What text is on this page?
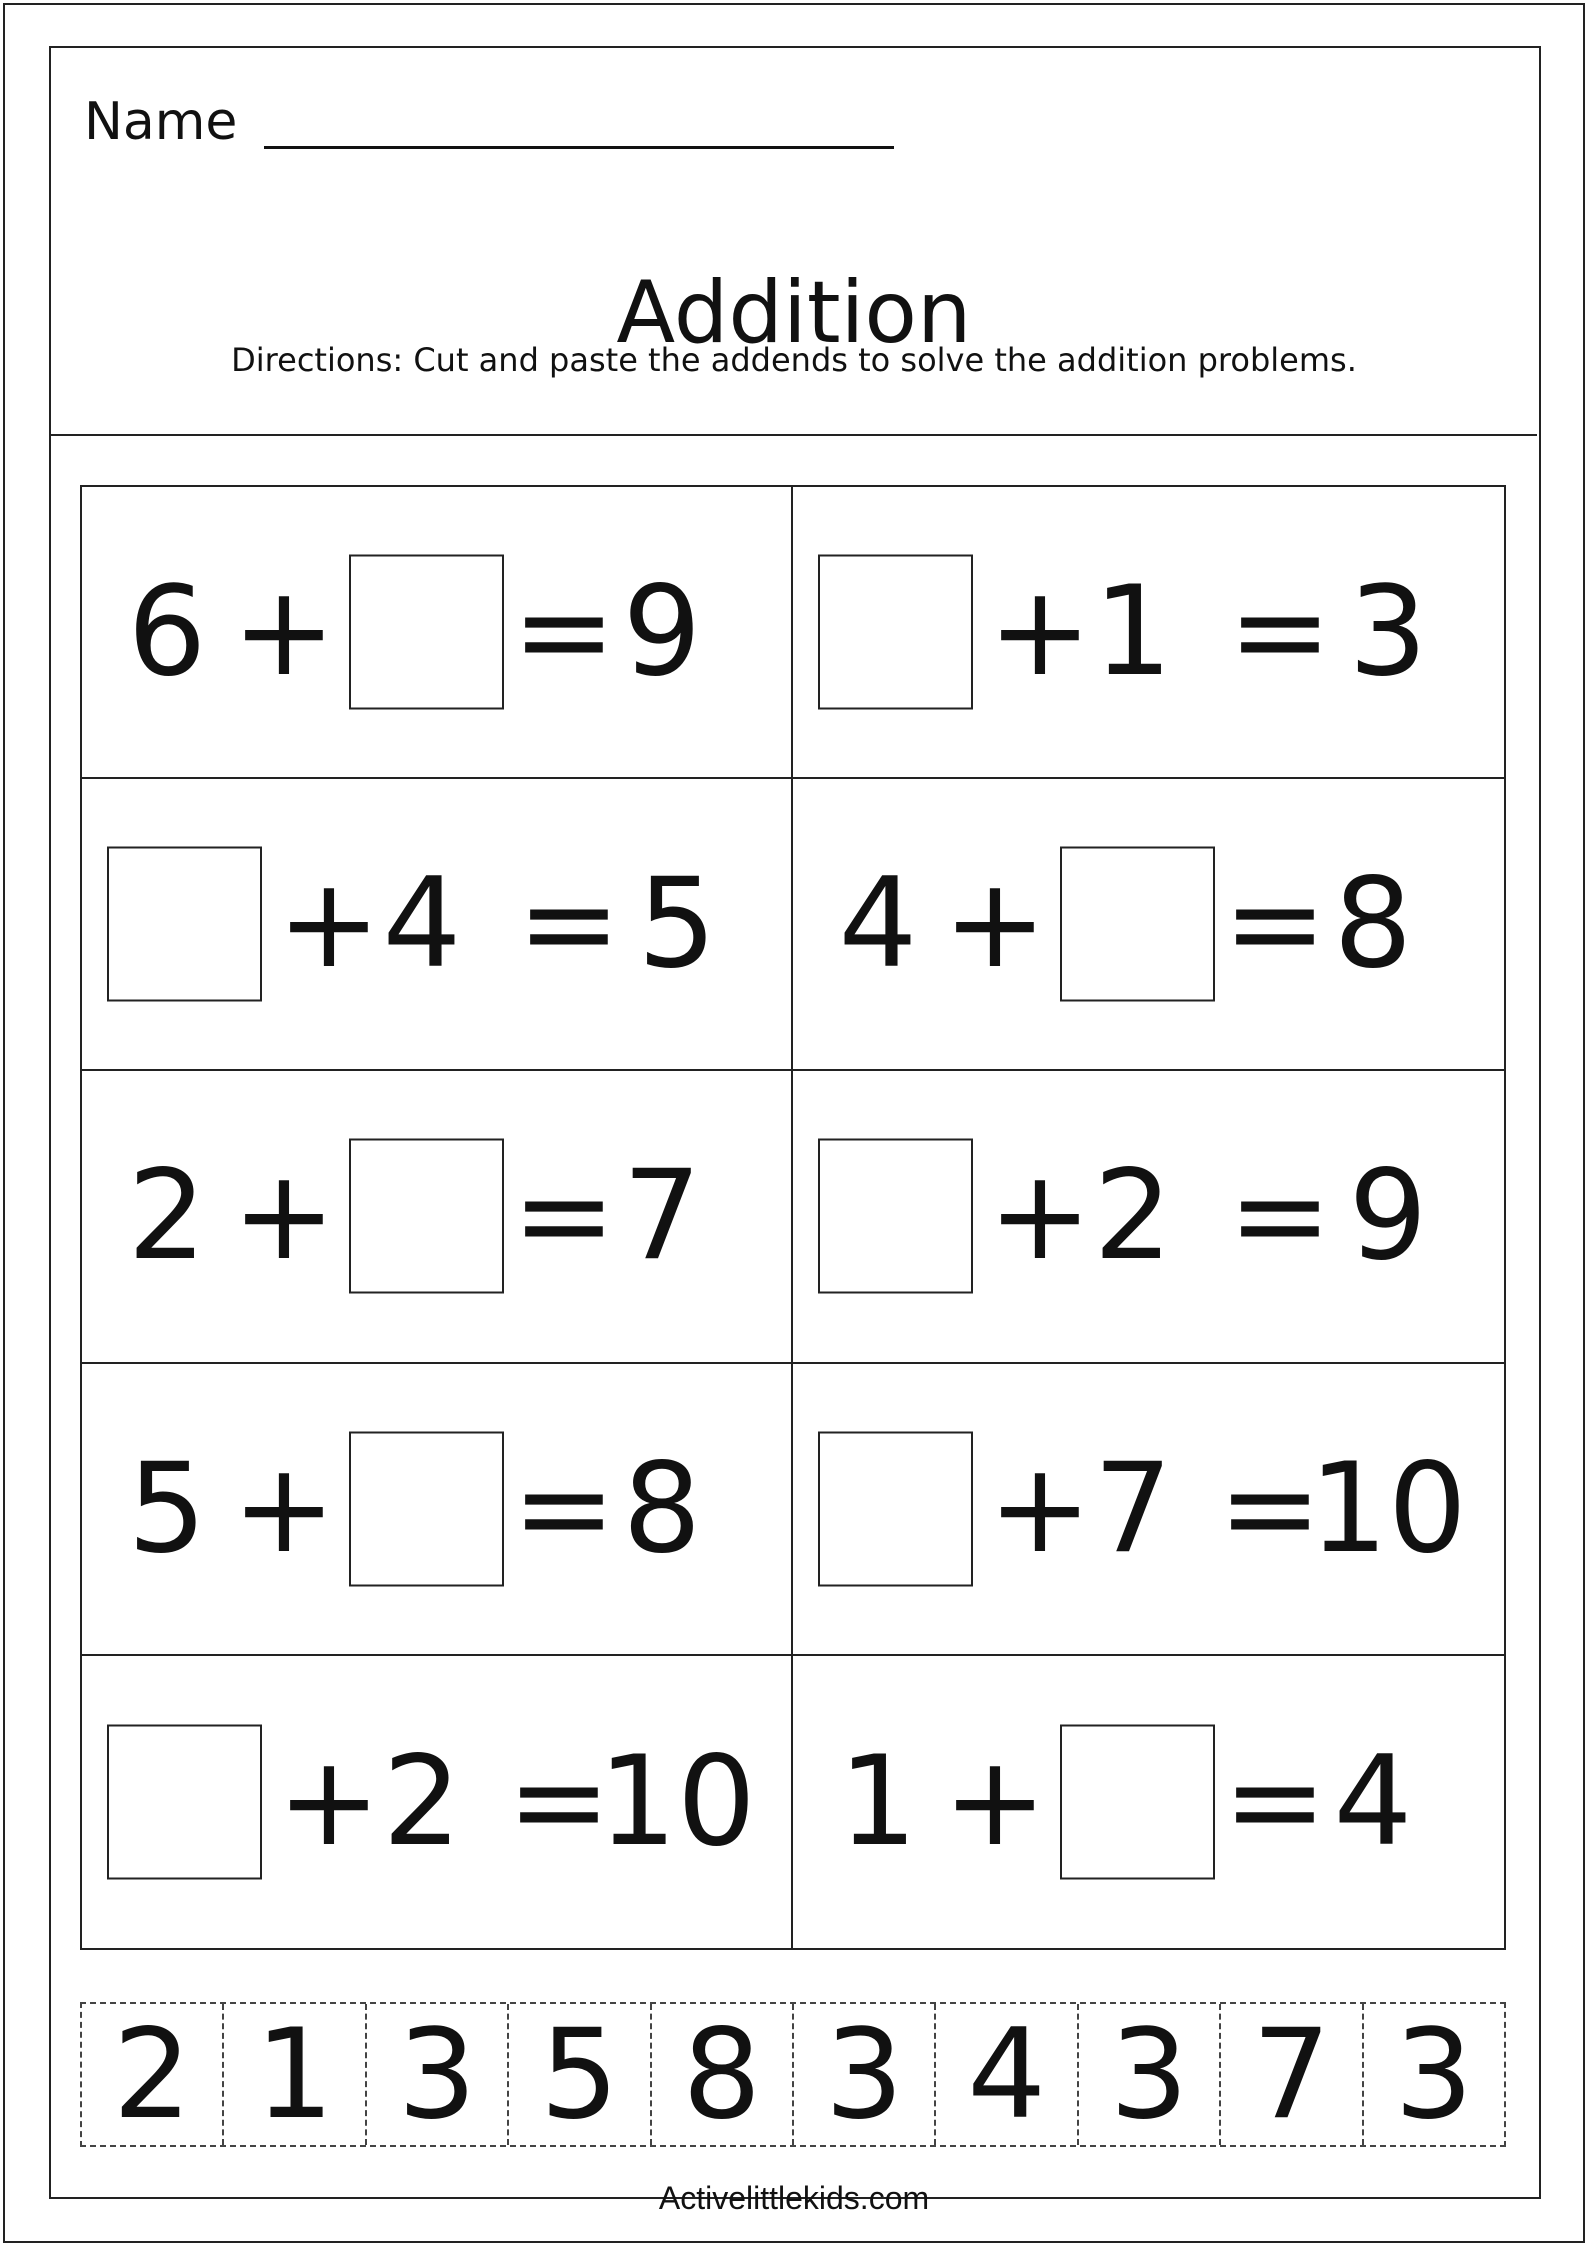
Name
Addition
Directions: Cut and paste the addends to solve the addition problems.
6 + = 9 + 1 = 3
+ 4 = 5 4 + = 8
2 + = 7 + 2 = 9
5 + = 8 + 7 =
10
+ 2 =
10 1 + = 4
2 1 3 5 8 3 4 3 7 3
Activelittlekids.com
